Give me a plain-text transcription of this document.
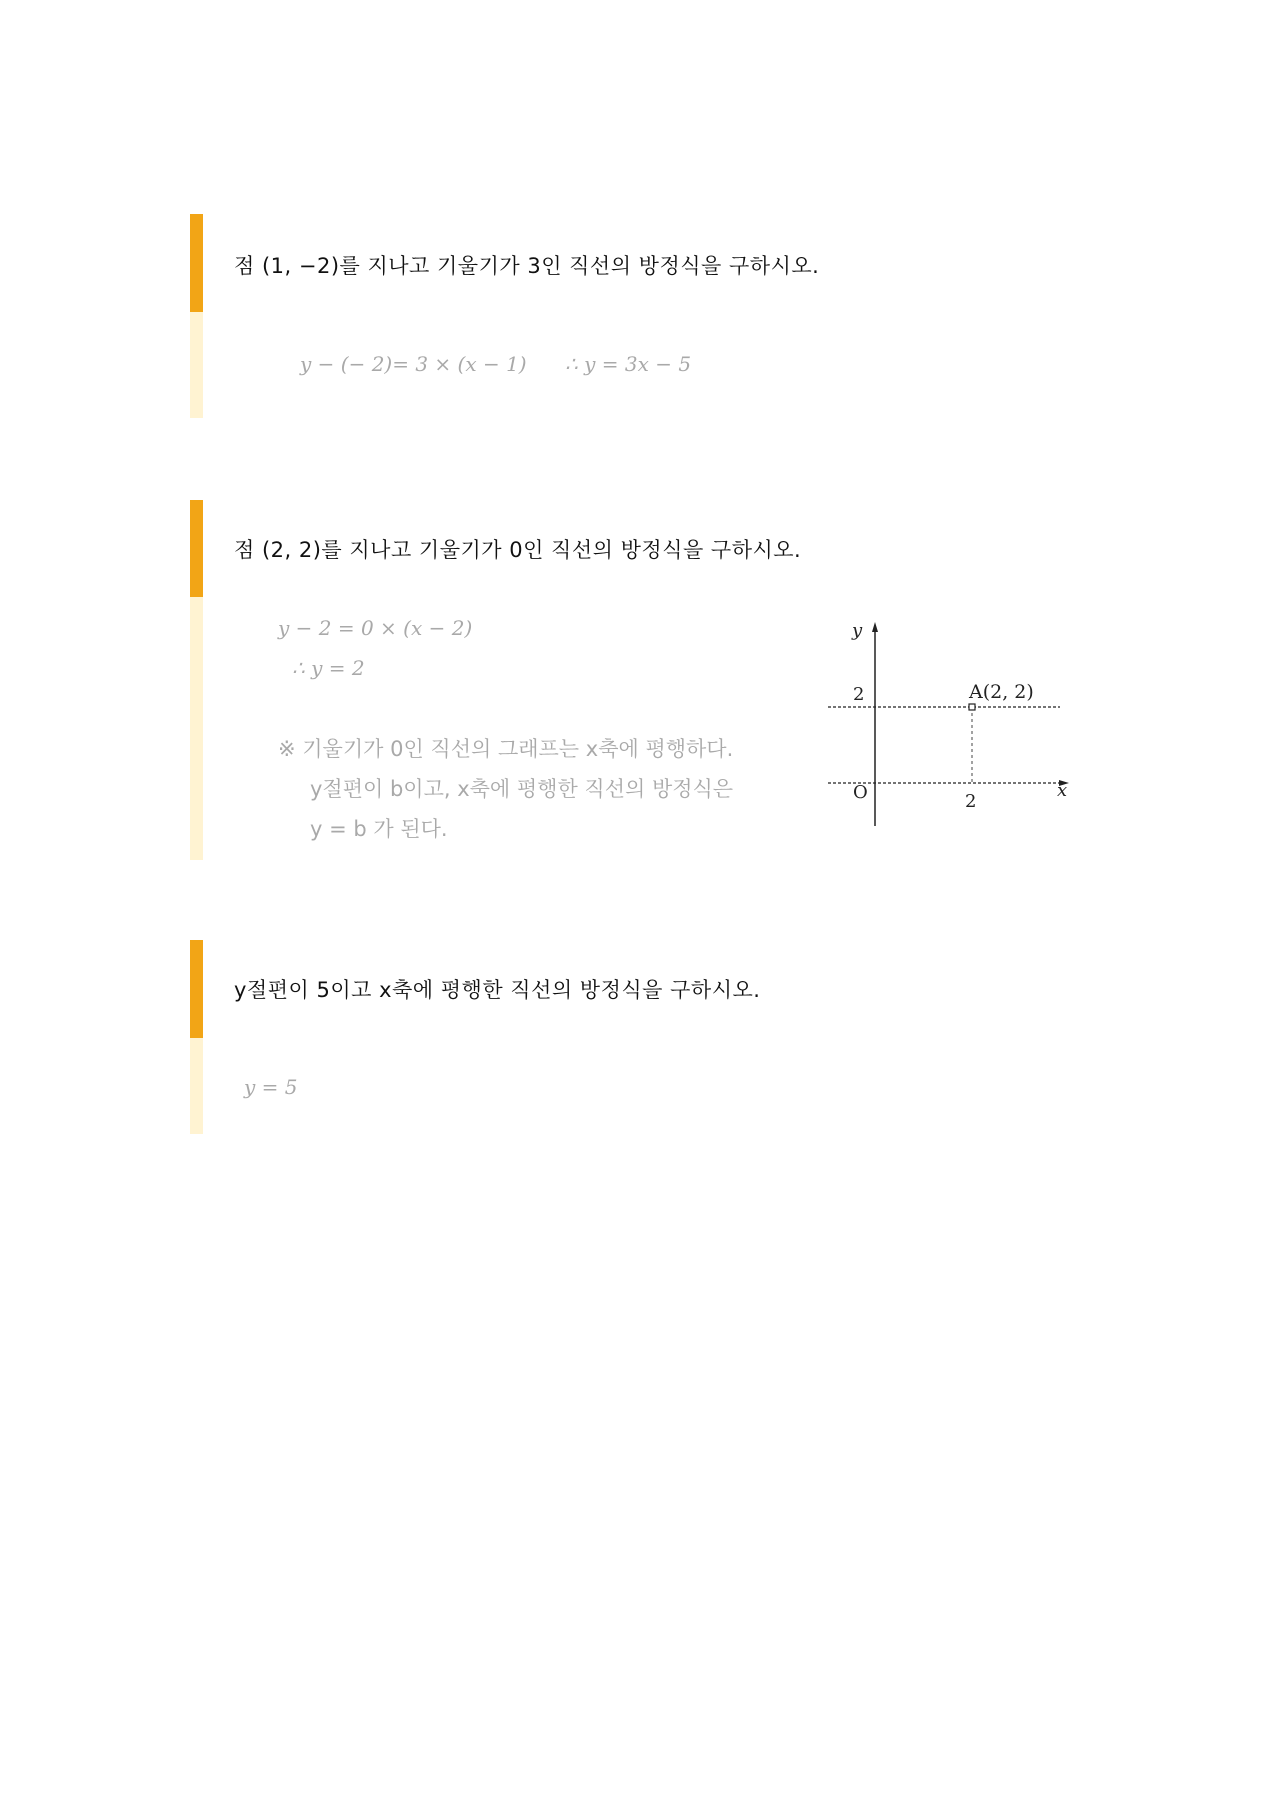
점 (1, −2)를 지나고 기울기가 3인 직선의 방정식을 구하시오.
y − (− 2)= 3 × (x − 1) ∴ y = 3x − 5
점 (2, 2)를 지나고 기울기가 0인 직선의 방정식을 구하시오.
y − 2 = 0 × (x − 2)
∴ y = 2
※ 기울기가 0인 직선의 그래프는 x축에 평행하다.
y절편이 b이고, x축에 평행한 직선의 방정식은
y = b 가 된다.
y
x
O
2
2
A(2, 2)
y절편이 5이고 x축에 평행한 직선의 방정식을 구하시오.
y = 5
